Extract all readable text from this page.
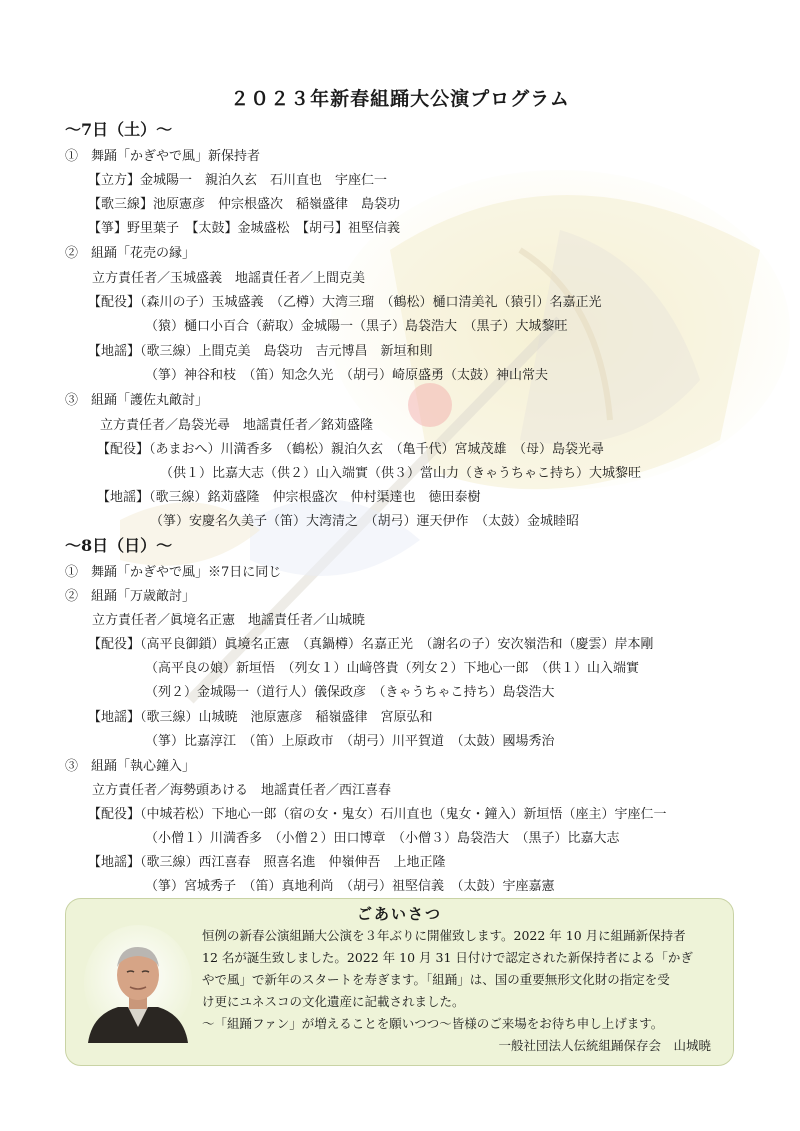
２０２３年新春組踊大公演プログラム
～7日（土）～
①　舞踊「かぎやで風」新保持者
【立方】金城陽一　親泊久玄　石川直也　宇座仁一
【歌三線】池原憲彦　仲宗根盛次　稲嶺盛律　島袋功
【箏】野里葉子　【太鼓】金城盛松　【胡弓】祖堅信義
②　組踊「花売の縁」
立方責任者／玉城盛義　地謡責任者／上間克美
【配役】（森川の子）玉城盛義　（乙樽）大湾三瑠　（鶴松）樋口清美礼（猿引）名嘉正光
（猿）樋口小百合（薪取）金城陽一（黒子）島袋浩大　（黒子）大城黎旺
【地謡】（歌三線）上間克美　島袋功　吉元博昌　新垣和則
（箏）神谷和枝　（笛）知念久光　（胡弓）崎原盛勇（太鼓）神山常夫
③　組踊「護佐丸敵討」
立方責任者／島袋光尋　地謡責任者／銘苅盛隆
【配役】（あまおへ）川満香多　（鶴松）親泊久玄　（亀千代）宮城茂雄　（母）島袋光尋
（供１）比嘉大志（供２）山入端實（供３）當山力（きゃうちゃこ持ち）大城黎旺
【地謡】（歌三線）銘苅盛隆　仲宗根盛次　仲村渠達也　徳田泰樹
（箏）安慶名久美子（笛）大湾清之　（胡弓）運天伊作　（太鼓）金城睦昭
～8日（日）～
①　舞踊「かぎやで風」※7日に同じ
②　組踊「万歳敵討」
立方責任者／眞境名正憲　地謡責任者／山城暁
【配役】（高平良御鎖）眞境名正憲　（真鍋樽）名嘉正光　（謝名の子）安次嶺浩和（慶雲）岸本剛
（高平良の娘）新垣悟　（列女１）山﨑啓貴（列女２）下地心一郎　（供１）山入端實
（列２）金城陽一（道行人）儀保政彦　（きゃうちゃこ持ち）島袋浩大
【地謡】（歌三線）山城暁　池原憲彦　稲嶺盛律　宮原弘和
（箏）比嘉淳江　（笛）上原政市　（胡弓）川平賀道　（太鼓）國場秀治
③　組踊「執心鐘入」
立方責任者／海勢頭あける　地謡責任者／西江喜春
【配役】（中城若松）下地心一郎（宿の女・鬼女）石川直也（鬼女・鐘入）新垣悟（座主）宇座仁一
（小僧１）川満香多　（小僧２）田口博章　（小僧３）島袋浩大　（黒子）比嘉大志
【地謡】（歌三線）西江喜春　照喜名進　仲嶺伸吾　上地正隆
（箏）宮城秀子　（笛）真地利尚　（胡弓）祖堅信義　（太鼓）宇座嘉憲
ごあいさつ
恒例の新春公演組踊大公演を３年ぶりに開催致します。2022 年 10 月に組踊新保持者
12 名が誕生致しました。2022 年 10 月 31 日付けで認定された新保持者による「かぎ
やで風」で新年のスタートを寿ぎます。「組踊」は、国の重要無形文化財の指定を受
け更にユネスコの文化遺産に記載されました。
～「組踊ファン」が増えることを願いつつ～皆様のご来場をお待ち申し上げます。
一般社団法人伝統組踊保存会　山城暁
